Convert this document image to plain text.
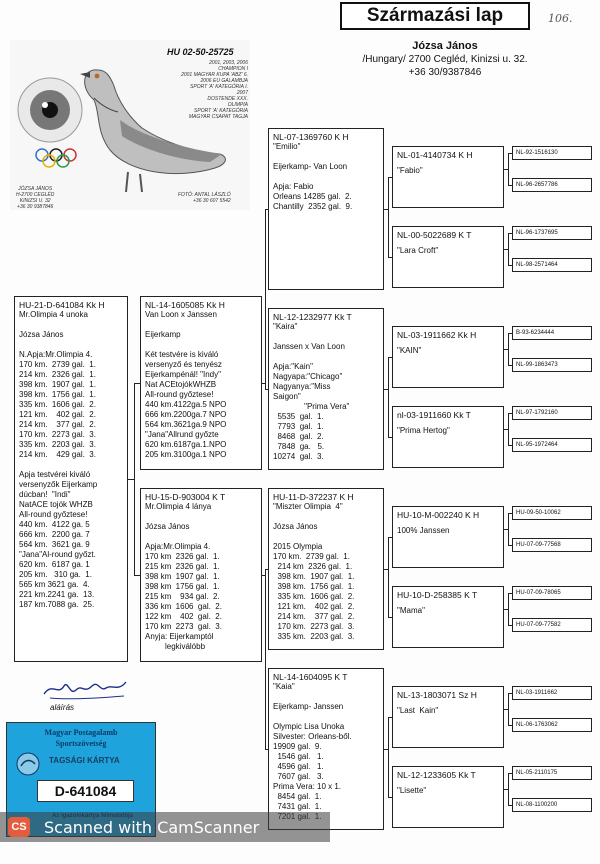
Származási lap	106.
Józsa János
/Hungary/ 2700 Cegléd, Kinizsi u. 32.
+36 30/9387846
2001, 2003, 2006
CHAMPION I
2001 MAGYAR KUPA 'ABZ' 6.
2006 EU GALAMBJA
SPORT 'A' KATEGÓRIA I.
2007
DOSTENDE XXX.
OLIMPIA
SPORT 'A' KATEGÓRIA
MAGYAR CSAPAT TAGJA
JÓZSA JÁNOS
H-2700 CEGLÉD
KINIZSI U. 32
+36 30 9387846
FOTÓ: ANTAL LÁSZLÓ
+36 30 607 5542
HU 02-50-25725
HU-21-D-641084 Kk H
Mr.Olimpia 4 unoka

Józsa János

N.Apja:Mr.Olimpia 4.
170 km.  2739 gal.  1.
214 km.  2326 gal.  1.
398 km.  1907 gal.  1.
398 km.  1756 gal.  1.
335 km.  1606 gal.  2.
121 km.    402 gal.  2.
214 km.    377 gal.  2.
170 km.  2273 gal.  3.
335 km.  2203 gal.  3.
214 km.    429 gal.  3.

Apja testvérei kiváló
versenyzők Eijerkamp
dúcban!  "Indi"
NatACE tojók WHZB
All-round győztese!
440 km.  4122 ga. 5
666 km.  2200 ga. 7
564 km.  3621 ga. 9
"Jana"Al-round győzt.
620 km.  6187 ga. 1
205 km.   310 ga.  1.
565 km 3621 ga.  4.
221 km.2241 ga.  13.
187 km.7088 ga.  25.
NL-14-1605085 Kk H
Van Loon x Janssen

Eijerkamp

Két testvére is kiváló
versenyző és tenyész
Eijerkampénál! "Indy"
Nat ACEtojókWHZB
All-round győztese!
440 km.4122ga.5 NPO
666 km.2200ga.7 NPO
564 km.3621ga.9 NPO
"Jana"Allrund győzte
620 km.6187ga.1.NPO
205 km.3100ga.1 NPO
HU-15-D-903004 K T
Mr.Olimpia 4 lánya

Józsa János

Apja:Mr.Olimpia 4.
170 km  2326 gal.  1.
215 km  2326 gal.  1.
398 km  1907 gal.  1.
398 km  1756 gal.  1.
215 km    934 gal.  2.
336 km  1606  gal.  2.
122 km    402  gal.  2.
170 km  2273  gal.  3.
Anyja: Eijerkamptól
legkiválóbb
NL-07-1369760 K H
"Emilio"

Eijerkamp- Van Loon

Apja: Fabio
Orleans 14285 gal.  2.
Chantilly  2352 gal.  9.
NL-12-1232977 Kk T
"Kaira"

Janssen x Van Loon

Apja:"Kain"
Nagyapa:"Chicago"
Nagyanya:"Miss
Saigon"
"Prima Vera"
5535  gal.  1.
7793  gal.  1.
8468  gal.  2.
7848  ga.   5.
10274  gal.  3.
HU-11-D-372237 K H
"Miszter Olimpia  4"

Józsa János

2015 Olympia
170 km.  2739 gal.  1.
214 km  2326 gal.  1.
398 km.  1907 gal.  1.
398 km.  1756 gal.  1.
335 km.  1606 gal.  2.
121 km.    402 gal.  2.
214 km.    377 gal.  2.
170 km.  2273 gal.  3.
335 km.  2203 gal.  3.
NL-14-1604095 K T
"Kaia"

Eijerkamp- Janssen

Olympic Lisa Unoka
Silvester: Orleans-ből.
19909 gal.  9.
1546 gal.   1.
4596 gal.   1.
7607 gal.   3.
Prima Vera: 10 x 1.
8454 gal.  1.
7431 gal.  1.
NL-01-4140734 K H
"Fabio"
NL-00-5022689 K T
"Lara Croft"
NL-03-1911662 Kk H
"KAIN"
nl-03-1911660 Kk T
"Prima Hertog"
HU-10-M-002240 K H
100% Janssen
HU-10-D-258385 K T
"Mama"
NL-13-1803071 Sz H
"Last  Kain"
NL-12-1233605 Kk T
"Lisette"
NL-92-1516130
NL-96-2657786
NL-96-1737695
NL-98-2571464
B-93-6234444
NL-99-1863473
NL-97-1792160
NL-95-1972464
HU-09-50-10062
HU-07-09-77568
HU-07-09-78065
HU-07-09-77582
NL-03-1911662
NL-06-1763062
NL-05-2110175
NL-08-1100200
aláírás
Magyar Postagalamb
Sportszövetség
TAGSÁGI KÁRTYA
D-641084
CS Scanned with CamScanner
